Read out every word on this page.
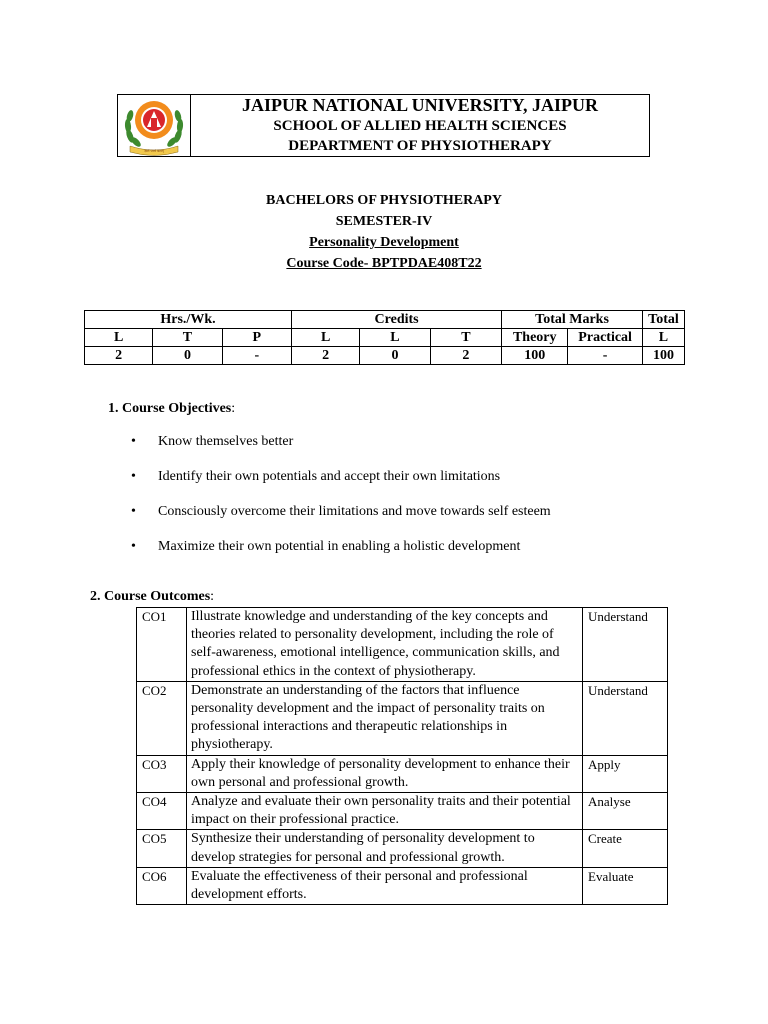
ज्ञानं परमं बलम्
JAIPUR NATIONAL UNIVERSITY, JAIPUR
SCHOOL OF ALLIED HEALTH SCIENCES
DEPARTMENT OF PHYSIOTHERAPY
BACHELORS OF PHYSIOTHERAPY
SEMESTER-IV
Personality Development
Course Code- BPTPDAE408T22
Hrs./Wk.			Credits			Total Marks		Total
L	T	P	L	L	T	Theory	Practical	L
2	0	-	2	0	2	100	-	100
1. Course Objectives:
• Know themselves better
• Identify their own potentials and accept their own limitations
• Consciously overcome their limitations and move towards self esteem
• Maximize their own potential in enabling a holistic development
2. Course Outcomes:
CO1	Illustrate knowledge and understanding of the key concepts and theories related to personality development, including the role of self-awareness, emotional intelligence, communication skills, and professional ethics in the context of physiotherapy.	Understand
CO2	Demonstrate an understanding of the factors that influence personality development and the impact of personality traits on professional interactions and therapeutic relationships in physiotherapy.	Understand
CO3	Apply their knowledge of personality development to enhance their own personal and professional growth.	Apply
CO4	Analyze and evaluate their own personality traits and their potential impact on their professional practice.	Analyse
CO5	Synthesize their understanding of personality development to develop strategies for personal and professional growth.	Create
CO6	Evaluate the effectiveness of their personal and professional development efforts.	Evaluate
